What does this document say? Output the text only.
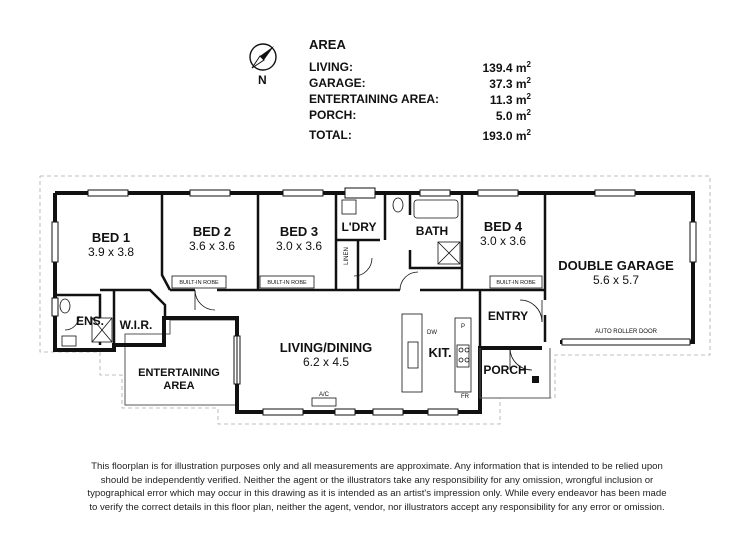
AREA
LIVING:	139.4 $m^2$
GARAGE:	37.3 $m^2$
ENTERTAINING AREA:	11.3 $m^2$
PORCH:	5.0 $m^2$
TOTAL:	193.0 $m^2$
N
BED 1
3.9 x 3.8
BED 2
3.6 x 3.6
BED 3
3.0 x 3.6
L'DRY	BATH	BED 4
3.0 x 3.6
DOUBLE GARAGE
5.6 x 5.7
ENS. W.I.R.
LIVING/DINING
6.2 x 4.5
KIT.
ENTRY
PORCH
ENTERTAINING
AREA
BUILT-IN ROBE	BUILT-IN ROBE	BUILT-IN ROBE
AUTO ROLLER DOOR
A/C
DW
FR
P
LINEN
This floorplan is for illustration purposes only and all measurements are approximate. Any information that is intended to be relied upon should be independently verified. Neither the agent or the illustrators take any responsibility for any omission, wrongful inclusion or typographical error which may occur in this drawing as it is intended as an artist's impression only. While every endeavor has been made to verify the correct details in this floor plan, neither the agent, vendor, nor illustrators accept any responsibility for any error or omission.
